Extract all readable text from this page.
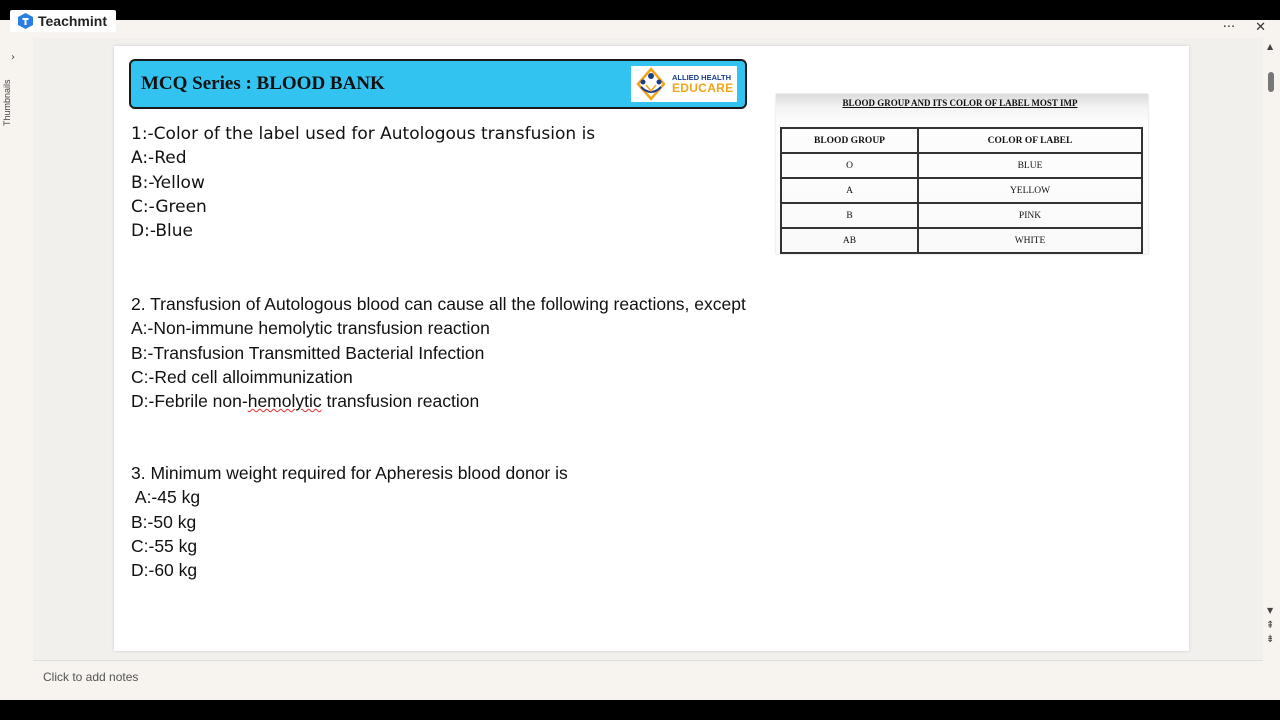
Teachmint	··· ✕
›
Thumbnails	MCQ Series : BLOOD BANK	ALLIED HEALTH
EDUCARE
1:-Color of the label used for Autologous transfusion is
A:-Red
B:-Yellow
C:-Green
D:-Blue
2. Transfusion of Autologous blood can cause all the following reactions, except
A:-Non-immune hemolytic transfusion reaction
B:-Transfusion Transmitted Bacterial Infection
C:-Red cell alloimmunization
D:-Febrile non-hemolytic transfusion reaction
3. Minimum weight required for Apheresis blood donor is
A:-45 kg
B:-50 kg
C:-55 kg
D:-60 kg
BLOOD GROUP AND ITS COLOR OF LABEL MOST IMP
BLOOD GROUP	COLOR OF LABEL
O	BLUE
A	YELLOW
B	PINK
AB	WHITE
▲
▼
⇞
⇟
Click to add notes
